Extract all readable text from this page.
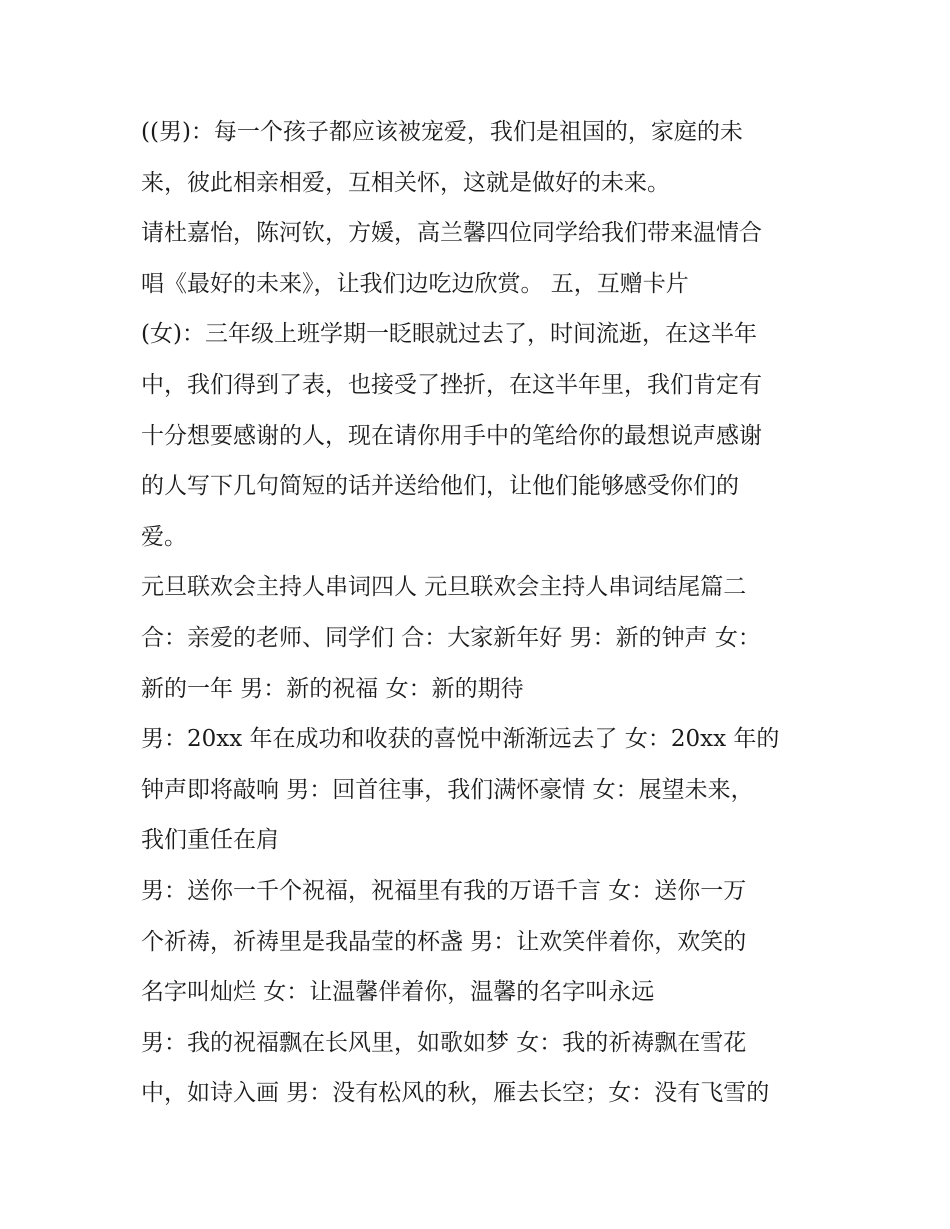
((男)：每一个孩子都应该被宠爱，我们是祖国的，家庭的未
来，彼此相亲相爱，互相关怀，这就是做好的未来。
请杜嘉怡，陈河钦，方媛，高兰馨四位同学给我们带来温情合
唱《最好的未来》，让我们边吃边欣赏。 五，互赠卡片
(女)：三年级上班学期一眨眼就过去了，时间流逝，在这半年
中，我们得到了表，也接受了挫折，在这半年里，我们肯定有
十分想要感谢的人，现在请你用手中的笔给你的最想说声感谢
的人写下几句简短的话并送给他们，让他们能够感受你们的
爱。
元旦联欢会主持人串词四人 元旦联欢会主持人串词结尾篇二
合：亲爱的老师、同学们 合：大家新年好 男：新的钟声 女：
新的一年 男：新的祝福 女：新的期待
男：20xx 年在成功和收获的喜悦中渐渐远去了 女：20xx 年的
钟声即将敲响 男：回首往事，我们满怀豪情 女：展望未来，
我们重任在肩
男：送你一千个祝福，祝福里有我的万语千言 女：送你一万
个祈祷，祈祷里是我晶莹的杯盏 男：让欢笑伴着你，欢笑的
名字叫灿烂 女：让温馨伴着你，温馨的名字叫永远
男：我的祝福飘在长风里，如歌如梦 女：我的祈祷飘在雪花
中，如诗入画 男：没有松风的秋，雁去长空；女：没有飞雪的
